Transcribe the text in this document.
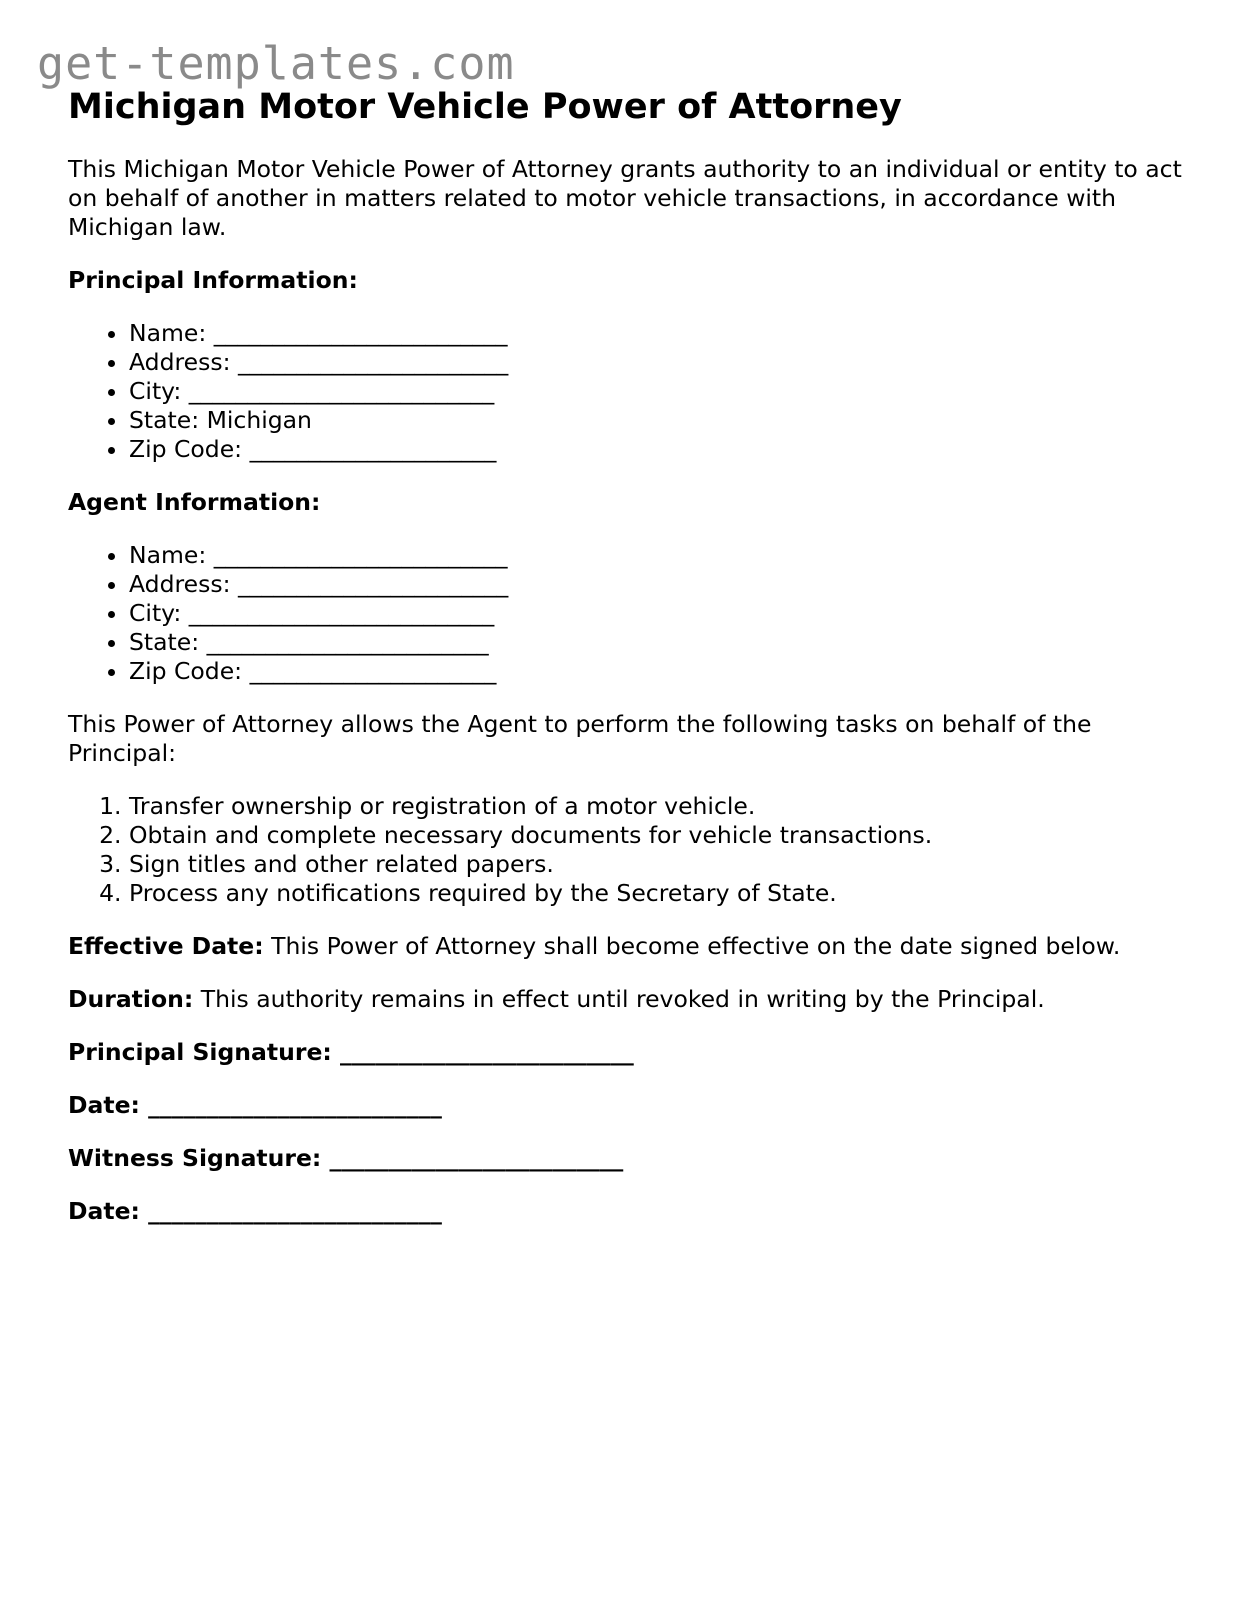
get-templates.com
Michigan Motor Vehicle Power of Attorney

This Michigan Motor Vehicle Power of Attorney grants authority to an individual or entity to act on behalf of another in matters related to motor vehicle transactions, in accordance with Michigan law.

Principal Information:

• Name: _________________________
• Address: _______________________
• City: __________________________
• State: Michigan
• Zip Code: _____________________

Agent Information:

• Name: _________________________
• Address: _______________________
• City: __________________________
• State: ________________________
• Zip Code: _____________________

This Power of Attorney allows the Agent to perform the following tasks on behalf of the Principal:

1. Transfer ownership or registration of a motor vehicle.
2. Obtain and complete necessary documents for vehicle transactions.
3. Sign titles and other related papers.
4. Process any notifications required by the Secretary of State.

Effective Date: This Power of Attorney shall become effective on the date signed below.

Duration: This authority remains in effect until revoked in writing by the Principal.

Principal Signature: _________________________

Date: _________________________

Witness Signature: _________________________

Date: _________________________
